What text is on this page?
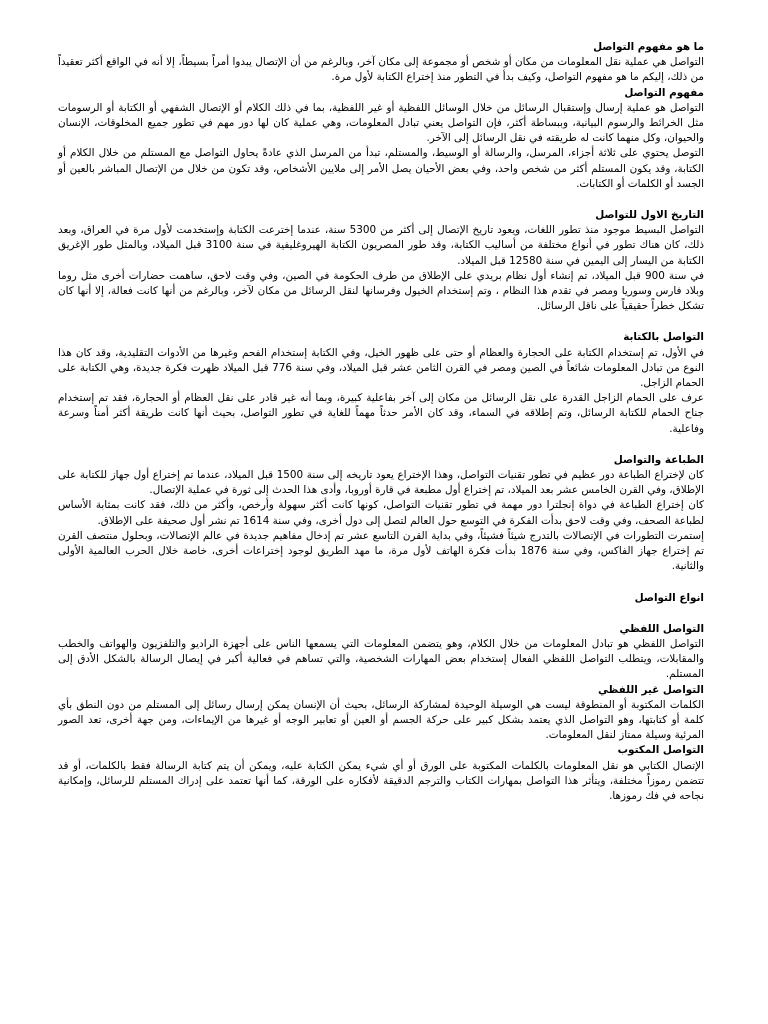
ما هو مفهوم التواصل
التواصل هي عملية نقل المعلومات من مكان أو شخص أو مجموعة إلى مكان آخر، وبالرغم من أن الإتصال يبدوا أمراً بسيطاً، إلا أنه في الواقع أكثر تعقيداً من ذلك، إليكم ما هو مفهوم التواصل، وكيف بدأ في التطور منذ إختراع الكتابة لأول مرة.
مفهوم التواصل
التواصل هو عملية إرسال وإستقبال الرسائل من خلال الوسائل اللفظية أو غير اللفظية، بما في ذلك الكلام أو الإتصال الشفهي أو الكتابة أو الرسومات مثل الخرائط والرسوم البيانية، وببساطة أكثر، فإن التواصل يعني تبادل المعلومات، وهي عملية كان لها دور مهم في تطور جميع المخلوقات، الإنسان والحيوان، وكل منهما كانت له طريقته في نقل الرسائل إلى الآخر.
التوصل يحتوي على ثلاثة أجزاء، المرسل، والرسالة أو الوسيط، والمستلم، تبدأ من المرسل الذي عادةً يحاول التواصل مع المستلم من خلال الكلام أو الكتابة، وقد يكون المستلم أكثر من شخص واحد، وفي بعض الأحيان يصل الأمر إلى ملايين الأشخاص، وقد تكون من خلال من الإتصال المباشر بالعين أو الجسد أو الكلمات أو الكتابات.
التاريخ الاول للتواصل
التواصل البسيط موجود منذ تطور اللغات، ويعود تاريخ الإتصال إلى أكثر من 5300 سنة، عندما إخترعت الكتابة وإستخدمت لأول مرة في العراق، وبعد ذلك، كان هناك تطور في أنواع مختلفة من أساليب الكتابة، وقد طور المصريون الكتابة الهيروغليفية في سنة 3100 قبل الميلاد، وبالمثل طور الإغريق الكتابة من اليسار إلى اليمين في سنة 12580 قبل الميلاد.
في سنة 900 قبل الميلاد، تم إنشاء أول نظام بريدي على الإطلاق من طرف الحكومة في الصين، وفي وقت لاحق، ساهمت حضارات أخرى مثل روما وبلاد فارس وسوريا ومصر في تقدم هذا النظام ، وتم إستخدام الخيول وفرسانها لنقل الرسائل من مكان لآخر، وبالرغم من أنها كانت فعالة، إلا أنها كان تشكل خطراً حقيقياً على ناقل الرسائل.
التواصل بالكتابة
في الأول، تم إستخدام الكتابة على الحجارة والعظام أو حتى على ظهور الخيل، وفي الكتابة إستخدام الفحم وغيرها من الأدوات التقليدية، وقد كان هذا النوع من تبادل المعلومات شائعاً في الصين ومصر في القرن الثامن عشر قبل الميلاد، وفي سنة 776 قبل الميلاد ظهرت فكرة جديدة، وهي الكتابة على الحمام الزاجل.
عرف على الحمام الزاجل القدرة على نقل الرسائل من مكان إلى آخر بفاعلية كبيرة، وبما أنه غير قادر على نقل العظام أو الحجارة، فقد تم إستخدام جناح الحمام للكتابة الرسائل، وتم إطلاقه في السماء، وقد كان الأمر حدثاً مهماً للغاية في تطور التواصل، بحيث أنها كانت طريقة أكثر أمناً وسرعة وفاعلية.
الطباعة والتواصل
كان لإختراع الطباعة دور عظيم في تطور تقنيات التواصل، وهذا الإختراع يعود تاريخه إلى سنة 1500 قبل الميلاد، عندما تم إختراع أول جهاز للكتابة على الإطلاق، وفي القرن الخامس عشر بعد الميلاد، تم إختراع أول مطبعة في قارة أوروبا، وأدى هذا الحدث إلى ثورة في عملية الإتصال.
كان إختراع الطباعة في دواة إنجلترا دور مهمة في تطور تقنيات التواصل، كونها كانت أكثر سهولة وأرخص، وأكثر من ذلك، فقد كانت بمثابة الأساس لطباعة الصحف، وفي وقت لاحق بدأت الفكرة في التوسع حول العالم لتصل إلى دول أخرى، وفي سنة 1614 تم نشر أول صحيفة على الإطلاق.
إستمرت التطورات في الإتصالات بالتدرج شيئاً فشيئاً، وفي بداية القرن التاسع عشر تم إدخال مفاهيم جديدة في عالم الإتصالات، وبحلول منتصف القرن تم إختراع جهاز الفاكس، وفي سنة 1876 بدأت فكرة الهاتف لأول مرة، ما مهد الطريق لوجود إختراعات أخرى، خاصة خلال الحرب العالمية الأولى والثانية.
انواع التواصل
التواصل اللفظي
التواصل اللفظي هو تبادل المعلومات من خلال الكلام، وهو يتضمن المعلومات التي يسمعها الناس على أجهزة الراديو والتلفزيون والهواتف والخطب والمقابلات، ويتطلب التواصل اللفظي الفعال إستخدام بعض المهارات الشخصية، والتي تساهم في فعالية أكبر في إيصال الرسالة بالشكل الأدق إلى المستلم.
التواصل غير اللفظي
الكلمات المكتوبة أو المنطوقة ليست هي الوسيلة الوحيدة لمشاركة الرسائل، بحيث أن الإنسان يمكن إرسال رسائل إلى المستلم من دون النطق بأي كلمة أو كتابتها، وهو التواصل الذي يعتمد بشكل كبير على حركة الجسم أو العين أو تعابير الوجه أو غيرها من الإيماءات، ومن جهة أخرى، تعد الصور المرئية وسيلة ممتاز لنقل المعلومات.
التواصل المكتوب
الإتصال الكتابي هو نقل المعلومات بالكلمات المكتوبة على الورق أو أي شيء يمكن الكتابة عليه، ويمكن أن يتم كتابة الرسالة فقط بالكلمات، أو قد تتضمن رموزاً مختلفة، ويتأثر هذا التواصل بمهارات الكتاب والترجم الدقيقة لأفكاره على الورقة، كما أنها تعتمد على إدراك المستلم للرسائل، وإمكانية نجاحه في فك رموزها.
